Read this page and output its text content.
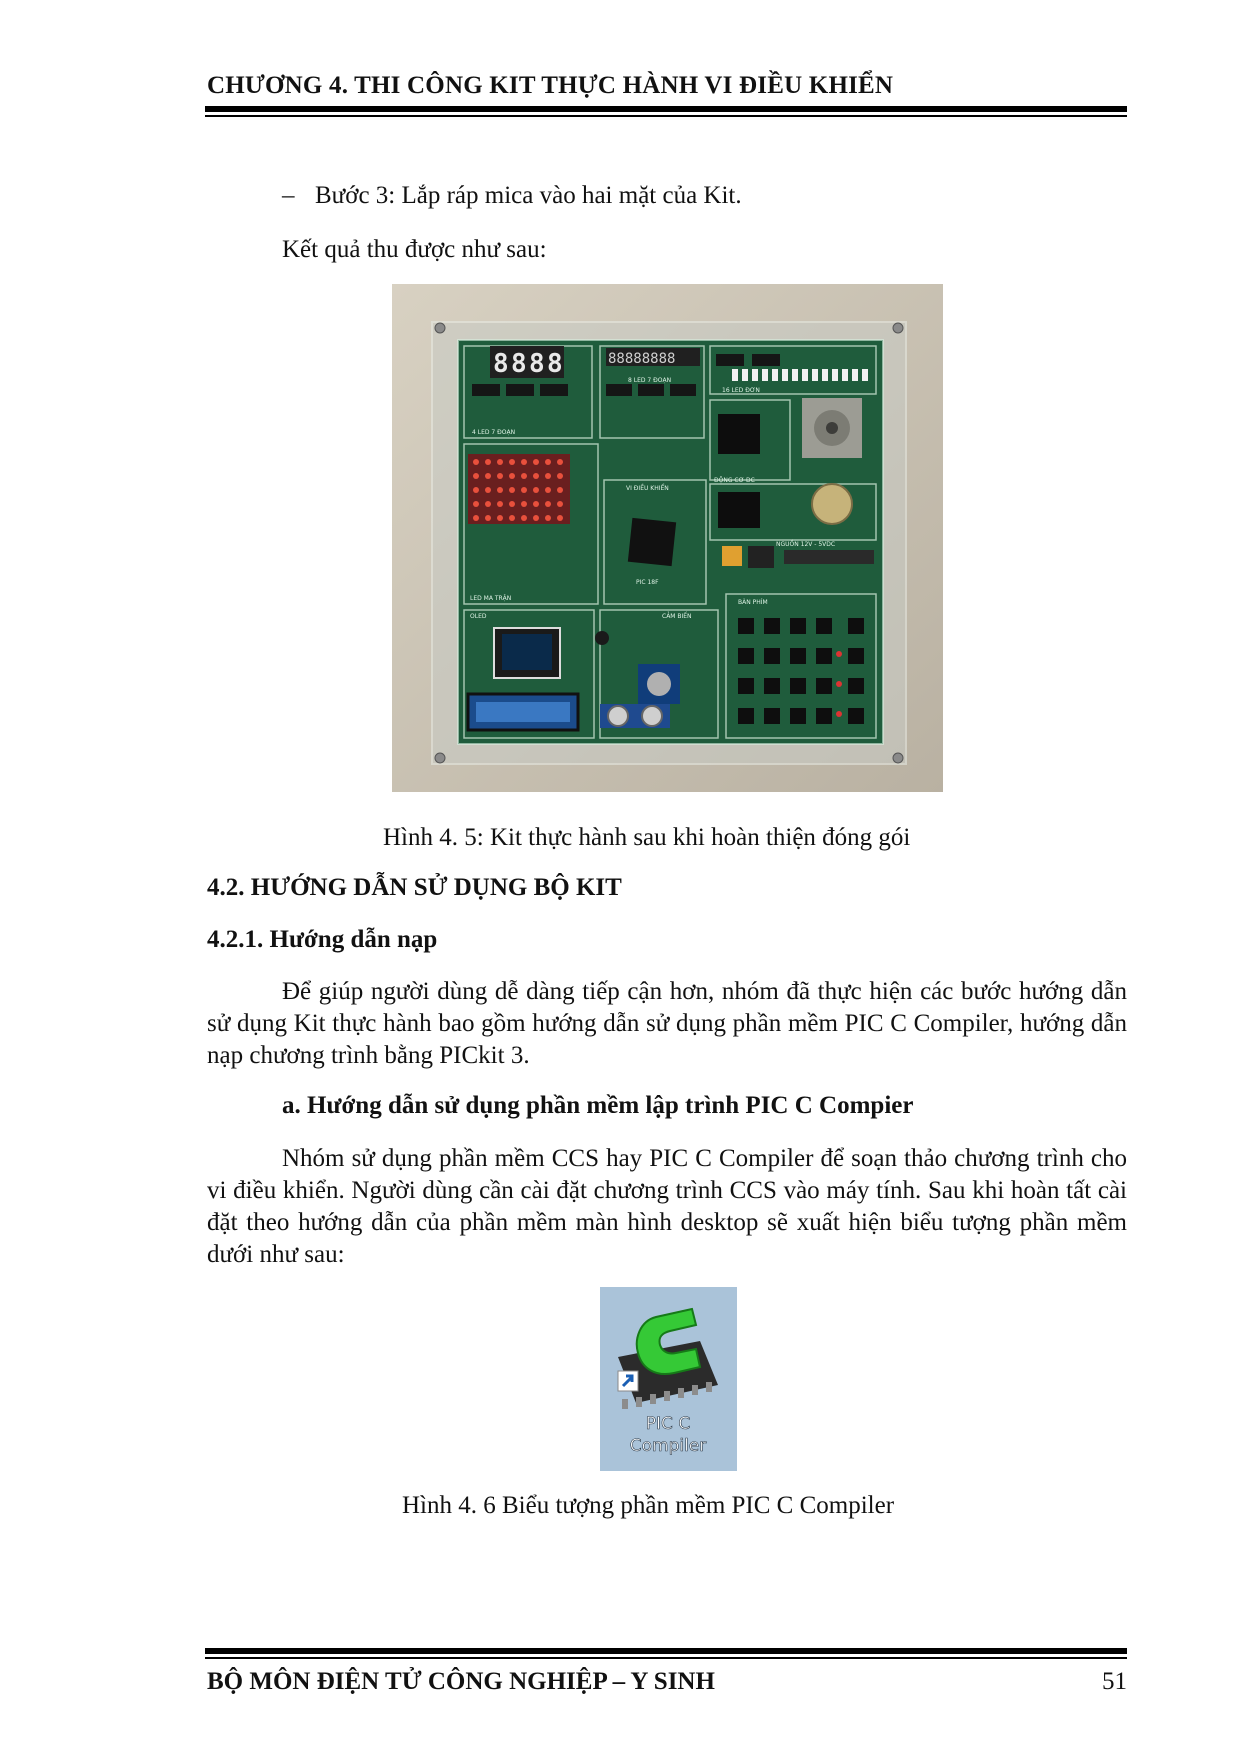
CHƯƠNG 4. THI CÔNG KIT THỰC HÀNH VI ĐIỀU KHIỂN
– Bước 3: Lắp ráp mica vào hai mặt của Kit.
Kết quả thu được như sau:
8 8 8 8	88888888
4 LED 7 ĐOẠN
8 LED 7 ĐOẠN
16 LED ĐƠN
LED MA TRẬN
VI ĐIỀU KHIỂN
PIC 18F
OLED	CẢM BIẾN
BÀN PHÍM
ĐỘNG CƠ DC
NGUỒN 12V - 5VDC
Hình 4. 5: Kit thực hành sau khi hoàn thiện đóng gói
4.2. HƯỚNG DẪN SỬ DỤNG BỘ KIT
4.2.1. Hướng dẫn nạp
Để giúp người dùng dễ dàng tiếp cận hơn, nhóm đã thực hiện các bước hướng dẫn sử dụng Kit thực hành bao gồm hướng dẫn sử dụng phần mềm PIC C Compiler, hướng dẫn nạp chương trình bằng PICkit 3.
a. Hướng dẫn sử dụng phần mềm lập trình PIC C Compier
Nhóm sử dụng phần mềm CCS hay PIC C Compiler để soạn thảo chương trình cho vi điều khiển. Người dùng cần cài đặt chương trình CCS vào máy tính. Sau khi hoàn tất cài đặt theo hướng dẫn của phần mềm màn hình desktop sẽ xuất hiện biểu tượng phần mềm dưới như sau:
PIC C
Compiler
Hình 4. 6 Biểu tượng phần mềm PIC C Compiler
BỘ MÔN ĐIỆN TỬ CÔNG NGHIỆP – Y SINH	51
